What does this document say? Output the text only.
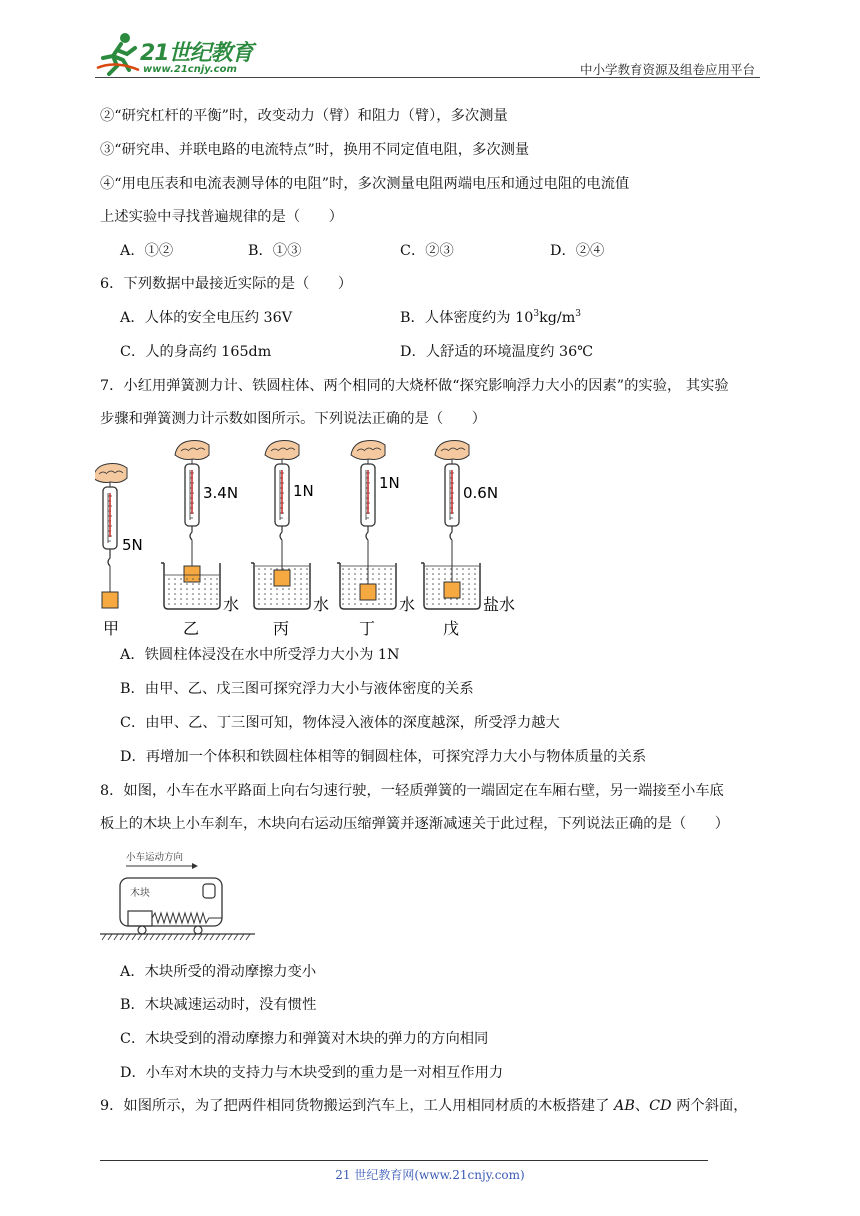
21世纪教育
www.21cnjy.com	中小学教育资源及组卷应用平台
②“研究杠杆的平衡”时，改变动力（臂）和阻力（臂），多次测量
③“研究串、并联电路的电流特点”时，换用不同定值电阻，多次测量
④“用电压表和电流表测导体的电阻”时，多次测量电阻两端电压和通过电阻的电流值
上述实验中寻找普遍规律的是（　　）
A．①②	B．①③	C．②③	D．②④
6．下列数据中最接近实际的是（　　）
A．人体的安全电压约 36V	B．人体密度约为 $10^3kg/m^3$
C．人的身高约 165dm	D．人舒适的环境温度约 36℃
7．小红用弹簧测力计、铁圆柱体、两个相同的大烧杯做“探究影响浮力大小的因素”的实验， 其实验
步骤和弹簧测力计示数如图所示。下列说法正确的是（　　）
5N
甲
3.4N
水
乙
1N
水
丙
1N
水
丁
0.6N
盐水
戊
A．铁圆柱体浸没在水中所受浮力大小为 1N
B．由甲、乙、戊三图可探究浮力大小与液体密度的关系
C．由甲、乙、丁三图可知，物体浸入液体的深度越深，所受浮力越大
D．再增加一个体积和铁圆柱体相等的铜圆柱体，可探究浮力大小与物体质量的关系
8．如图，小车在水平路面上向右匀速行驶，一轻质弹簧的一端固定在车厢右壁，另一端接至小车底
板上的木块上小车刹车，木块向右运动压缩弹簧并逐渐减速关于此过程，下列说法正确的是（　　）
小车运动方向
木块
A．木块所受的滑动摩擦力变小
B．木块减速运动时，没有惯性
C．木块受到的滑动摩擦力和弹簧对木块的弹力的方向相同
D．小车对木块的支持力与木块受到的重力是一对相互作用力
9．如图所示，为了把两件相同货物搬运到汽车上，工人用相同材质的木板搭建了 AB、CD 两个斜面，
21 世纪教育网(www.21cnjy.com)
